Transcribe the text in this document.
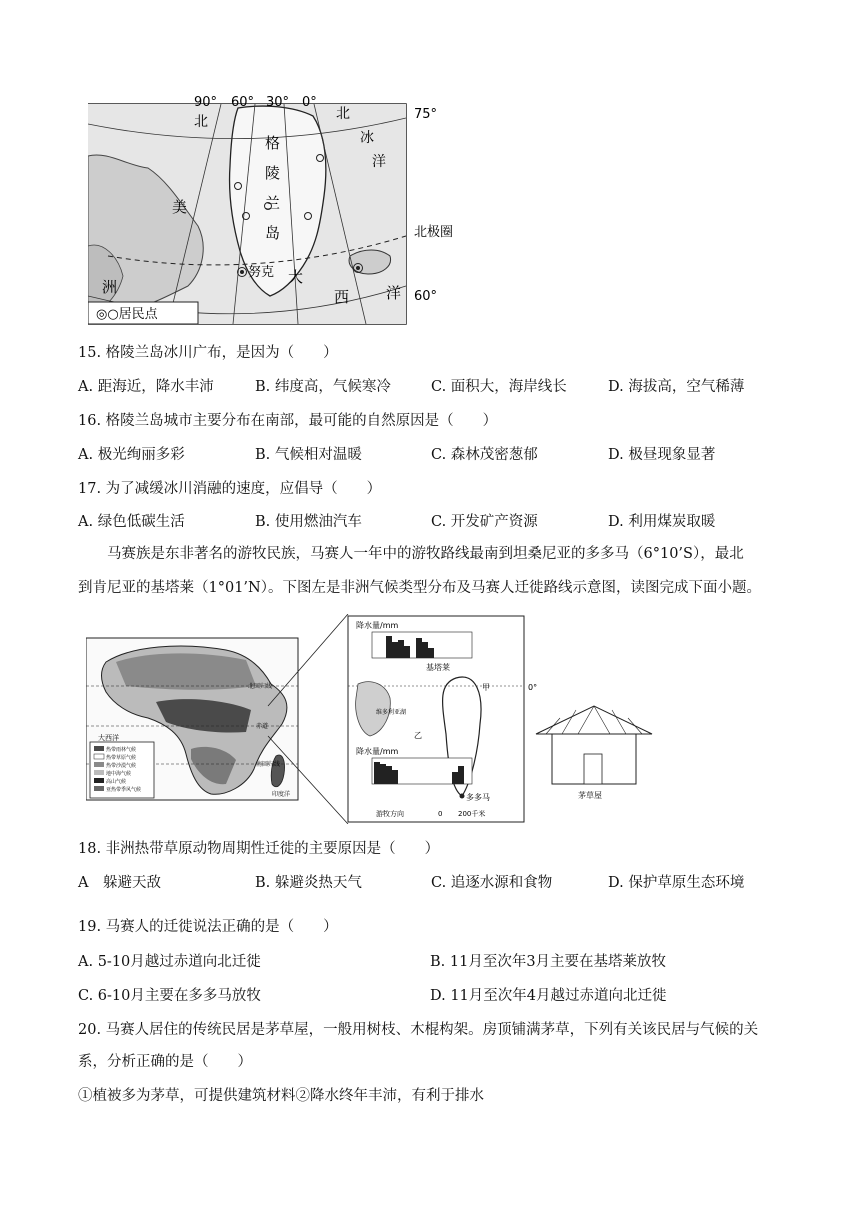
90° 60° 30° 0°
75°
60°
北	北
冰
洋
格
陵
兰
岛
美
洲
大
西 洋
北极圈
努克
◎○居民点
15. 格陵兰岛冰川广布，是因为（　　）
A. 距海近，降水丰沛	B. 纬度高，气候寒冷	C. 面积大，海岸线长	D. 海拔高，空气稀薄
16. 格陵兰岛城市主要分布在南部，最可能的自然原因是（　　）
A. 极光绚丽多彩	B. 气候相对温暖	C. 森林茂密葱郁	D. 极昼现象显著
17. 为了减缓冰川消融的速度，应倡导（　　）
A. 绿色低碳生活	B. 使用燃油汽车	C. 开发矿产资源	D. 利用煤炭取暖
马赛族是东非著名的游牧民族，马赛人一年中的游牧路线最南到坦桑尼亚的多多马（6°10’S），最北
到肯尼亚的基塔莱（1°01’N）。下图左是非洲气候类型分布及马赛人迁徙路线示意图，读图完成下面小题。
热带雨林气候
热带草原气候
热带沙漠气候
地中海气候
高山气候
亚热带季风气候
北回归线
大西洋
赤道
南回归线
印度洋
降水量/mm
基塔莱
甲	0°
维多利亚湖
乙
降水量/mm
多多马
游牧方向	0 200千米
茅草屋
18. 非洲热带草原动物周期性迁徙的主要原因是（　　）
A　躲避天敌	B. 躲避炎热天气	C. 追逐水源和食物	D. 保护草原生态环境
19. 马赛人的迁徙说法正确的是（　　）
A. 5-10月越过赤道向北迁徙	B. 11月至次年3月主要在基塔莱放牧
C. 6-10月主要在多多马放牧	D. 11月至次年4月越过赤道向北迁徙
20. 马赛人居住的传统民居是茅草屋，一般用树枝、木棍构架。房顶铺满茅草，下列有关该民居与气候的关
系，分析正确的是（　　）
①植被多为茅草，可提供建筑材料②降水终年丰沛，有利于排水
